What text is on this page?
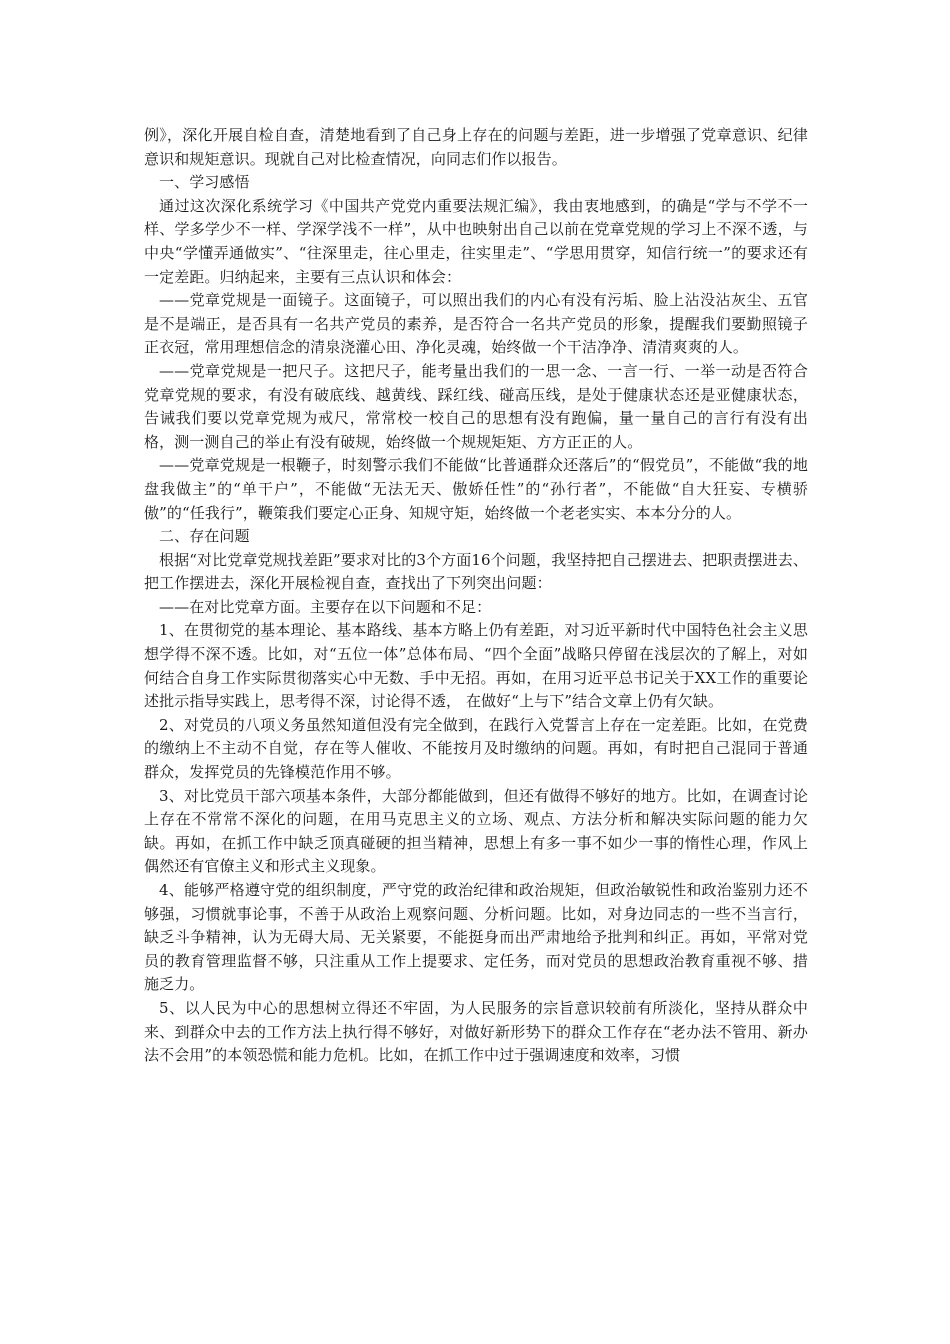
例》，深化开展自检自查，清楚地看到了自己身上存在的问题与差距，进一步增强了党章意识、纪律意识和规矩意识。现就自己对比检查情况，向同志们作以报告。

一、学习感悟

通过这次深化系统学习《中国共产党党内重要法规汇编》，我由衷地感到，的确是“学与不学不一样、学多学少不一样、学深学浅不一样”，从中也映射出自己以前在党章党规的学习上不深不透，与中央“学懂弄通做实”、“往深里走，往心里走，往实里走”、“学思用贯穿，知信行统一”的要求还有一定差距。归纳起来，主要有三点认识和体会：

——党章党规是一面镜子。这面镜子，可以照出我们的内心有没有污垢、脸上沾没沾灰尘、五官是不是端正，是否具有一名共产党员的素养，是否符合一名共产党员的形象，提醒我们要勤照镜子正衣冠，常用理想信念的清泉浇灌心田、净化灵魂，始终做一个干洁净净、清清爽爽的人。

——党章党规是一把尺子。这把尺子，能考量出我们的一思一念、一言一行、一举一动是否符合党章党规的要求，有没有破底线、越黄线、踩红线、碰高压线，是处于健康状态还是亚健康状态，告诫我们要以党章党规为戒尺，常常校一校自己的思想有没有跑偏，量一量自己的言行有没有出格，测一测自己的举止有没有破规，始终做一个规规矩矩、方方正正的人。

——党章党规是一根鞭子，时刻警示我们不能做“比普通群众还落后”的“假党员”，不能做“我的地盘我做主”的“单干户”，不能做“无法无天、傲娇任性”的“孙行者”，不能做“自大狂妄、专横骄傲”的“任我行”，鞭策我们要定心正身、知规守矩，始终做一个老老实实、本本分分的人。

二、存在问题

根据“对比党章党规找差距”要求对比的3个方面16个问题，我坚持把自己摆进去、把职责摆进去、把工作摆进去，深化开展检视自查，查找出了下列突出问题：

——在对比党章方面。主要存在以下问题和不足：

1、在贯彻党的基本理论、基本路线、基本方略上仍有差距，对习近平新时代中国特色社会主义思想学得不深不透。比如，对“五位一体”总体布局、“四个全面”战略只停留在浅层次的了解上，对如何结合自身工作实际贯彻落实心中无数、手中无招。再如，在用习近平总书记关于XX工作的重要论述批示指导实践上，思考得不深，讨论得不透， 在做好“上与下”结合文章上仍有欠缺。

2、对党员的八项义务虽然知道但没有完全做到，在践行入党誓言上存在一定差距。比如，在党费的缴纳上不主动不自觉，存在等人催收、不能按月及时缴纳的问题。再如，有时把自己混同于普通群众，发挥党员的先锋模范作用不够。

3、对比党员干部六项基本条件，大部分都能做到，但还有做得不够好的地方。比如，在调查讨论上存在不常常不深化的问题，在用马克思主义的立场、观点、方法分析和解决实际问题的能力欠缺。再如，在抓工作中缺乏顶真碰硬的担当精神，思想上有多一事不如少一事的惰性心理，作风上偶然还有官僚主义和形式主义现象。

4、能够严格遵守党的组织制度，严守党的政治纪律和政治规矩，但政治敏锐性和政治鉴别力还不够强，习惯就事论事，不善于从政治上观察问题、分析问题。比如，对身边同志的一些不当言行，缺乏斗争精神，认为无碍大局、无关紧要，不能挺身而出严肃地给予批判和纠正。再如，平常对党员的教育管理监督不够，只注重从工作上提要求、定任务，而对党员的思想政治教育重视不够、措施乏力。

5、以人民为中心的思想树立得还不牢固，为人民服务的宗旨意识较前有所淡化，坚持从群众中来、到群众中去的工作方法上执行得不够好，对做好新形势下的群众工作存在“老办法不管用、新办法不会用”的本领恐慌和能力危机。比如，在抓工作中过于强调速度和效率，习惯
